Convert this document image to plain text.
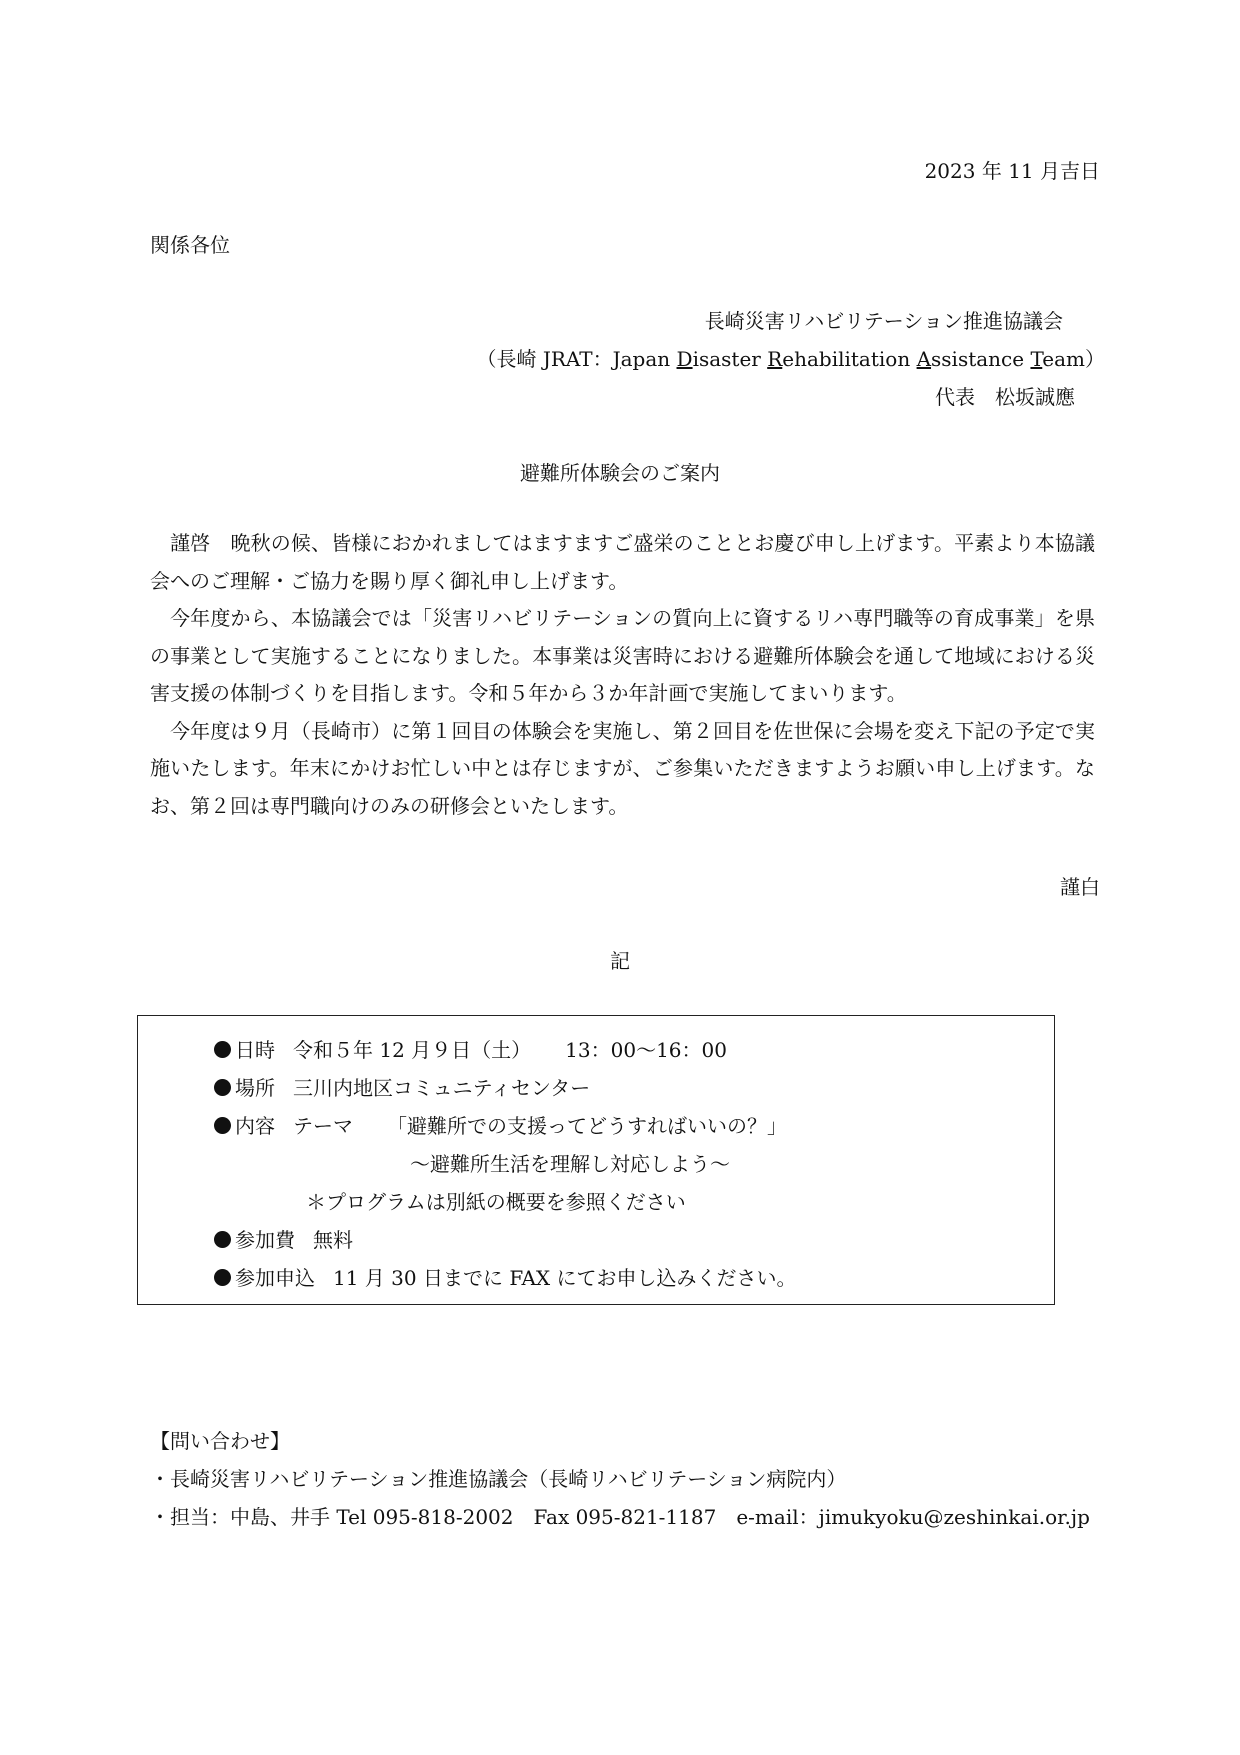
2023 年 11 月吉日
関係各位
長崎災害リハビリテーション推進協議会
（長崎 JRAT：Japan Disaster Rehabilitation Assistance Team）
代表　松坂誠應
避難所体験会のご案内

謹啓　晩秋の候、皆様におかれましてはますますご盛栄のこととお慶び申し上げます。平素より本協議会へのご理解・ご協力を賜り厚く御礼申し上げます。

今年度から、本協議会では「災害リハビリテーションの質向上に資するリハ専門職等の育成事業」を県の事業として実施することになりました。本事業は災害時における避難所体験会を通して地域における災害支援の体制づくりを目指します。令和５年から３か年計画で実施してまいります。

今年度は９月（長崎市）に第１回目の体験会を実施し、第２回目を佐世保に会場を変え下記の予定で実施いたします。年末にかけお忙しい中とは存じますが、ご参集いただきますようお願い申し上げます。なお、第２回は専門職向けのみの研修会といたします。

謹白
記
日時 令和５年 12 月９日（土） 13：00～16：00
場所 三川内地区コミュニティセンター
内容 テーマ 「避難所での支援ってどうすればいいの？」
～避難所生活を理解し対応しよう～
＊プログラムは別紙の概要を参照ください
参加費 無料
参加申込 11 月 30 日までに FAX にてお申し込みください。
【問い合わせ】
・長崎災害リハビリテーション推進協議会（長崎リハビリテーション病院内）
・担当：中島、井手 Tel 095-818-2002　Fax 095-821-1187　e-mail：jimukyoku@zeshinkai.or.jp
